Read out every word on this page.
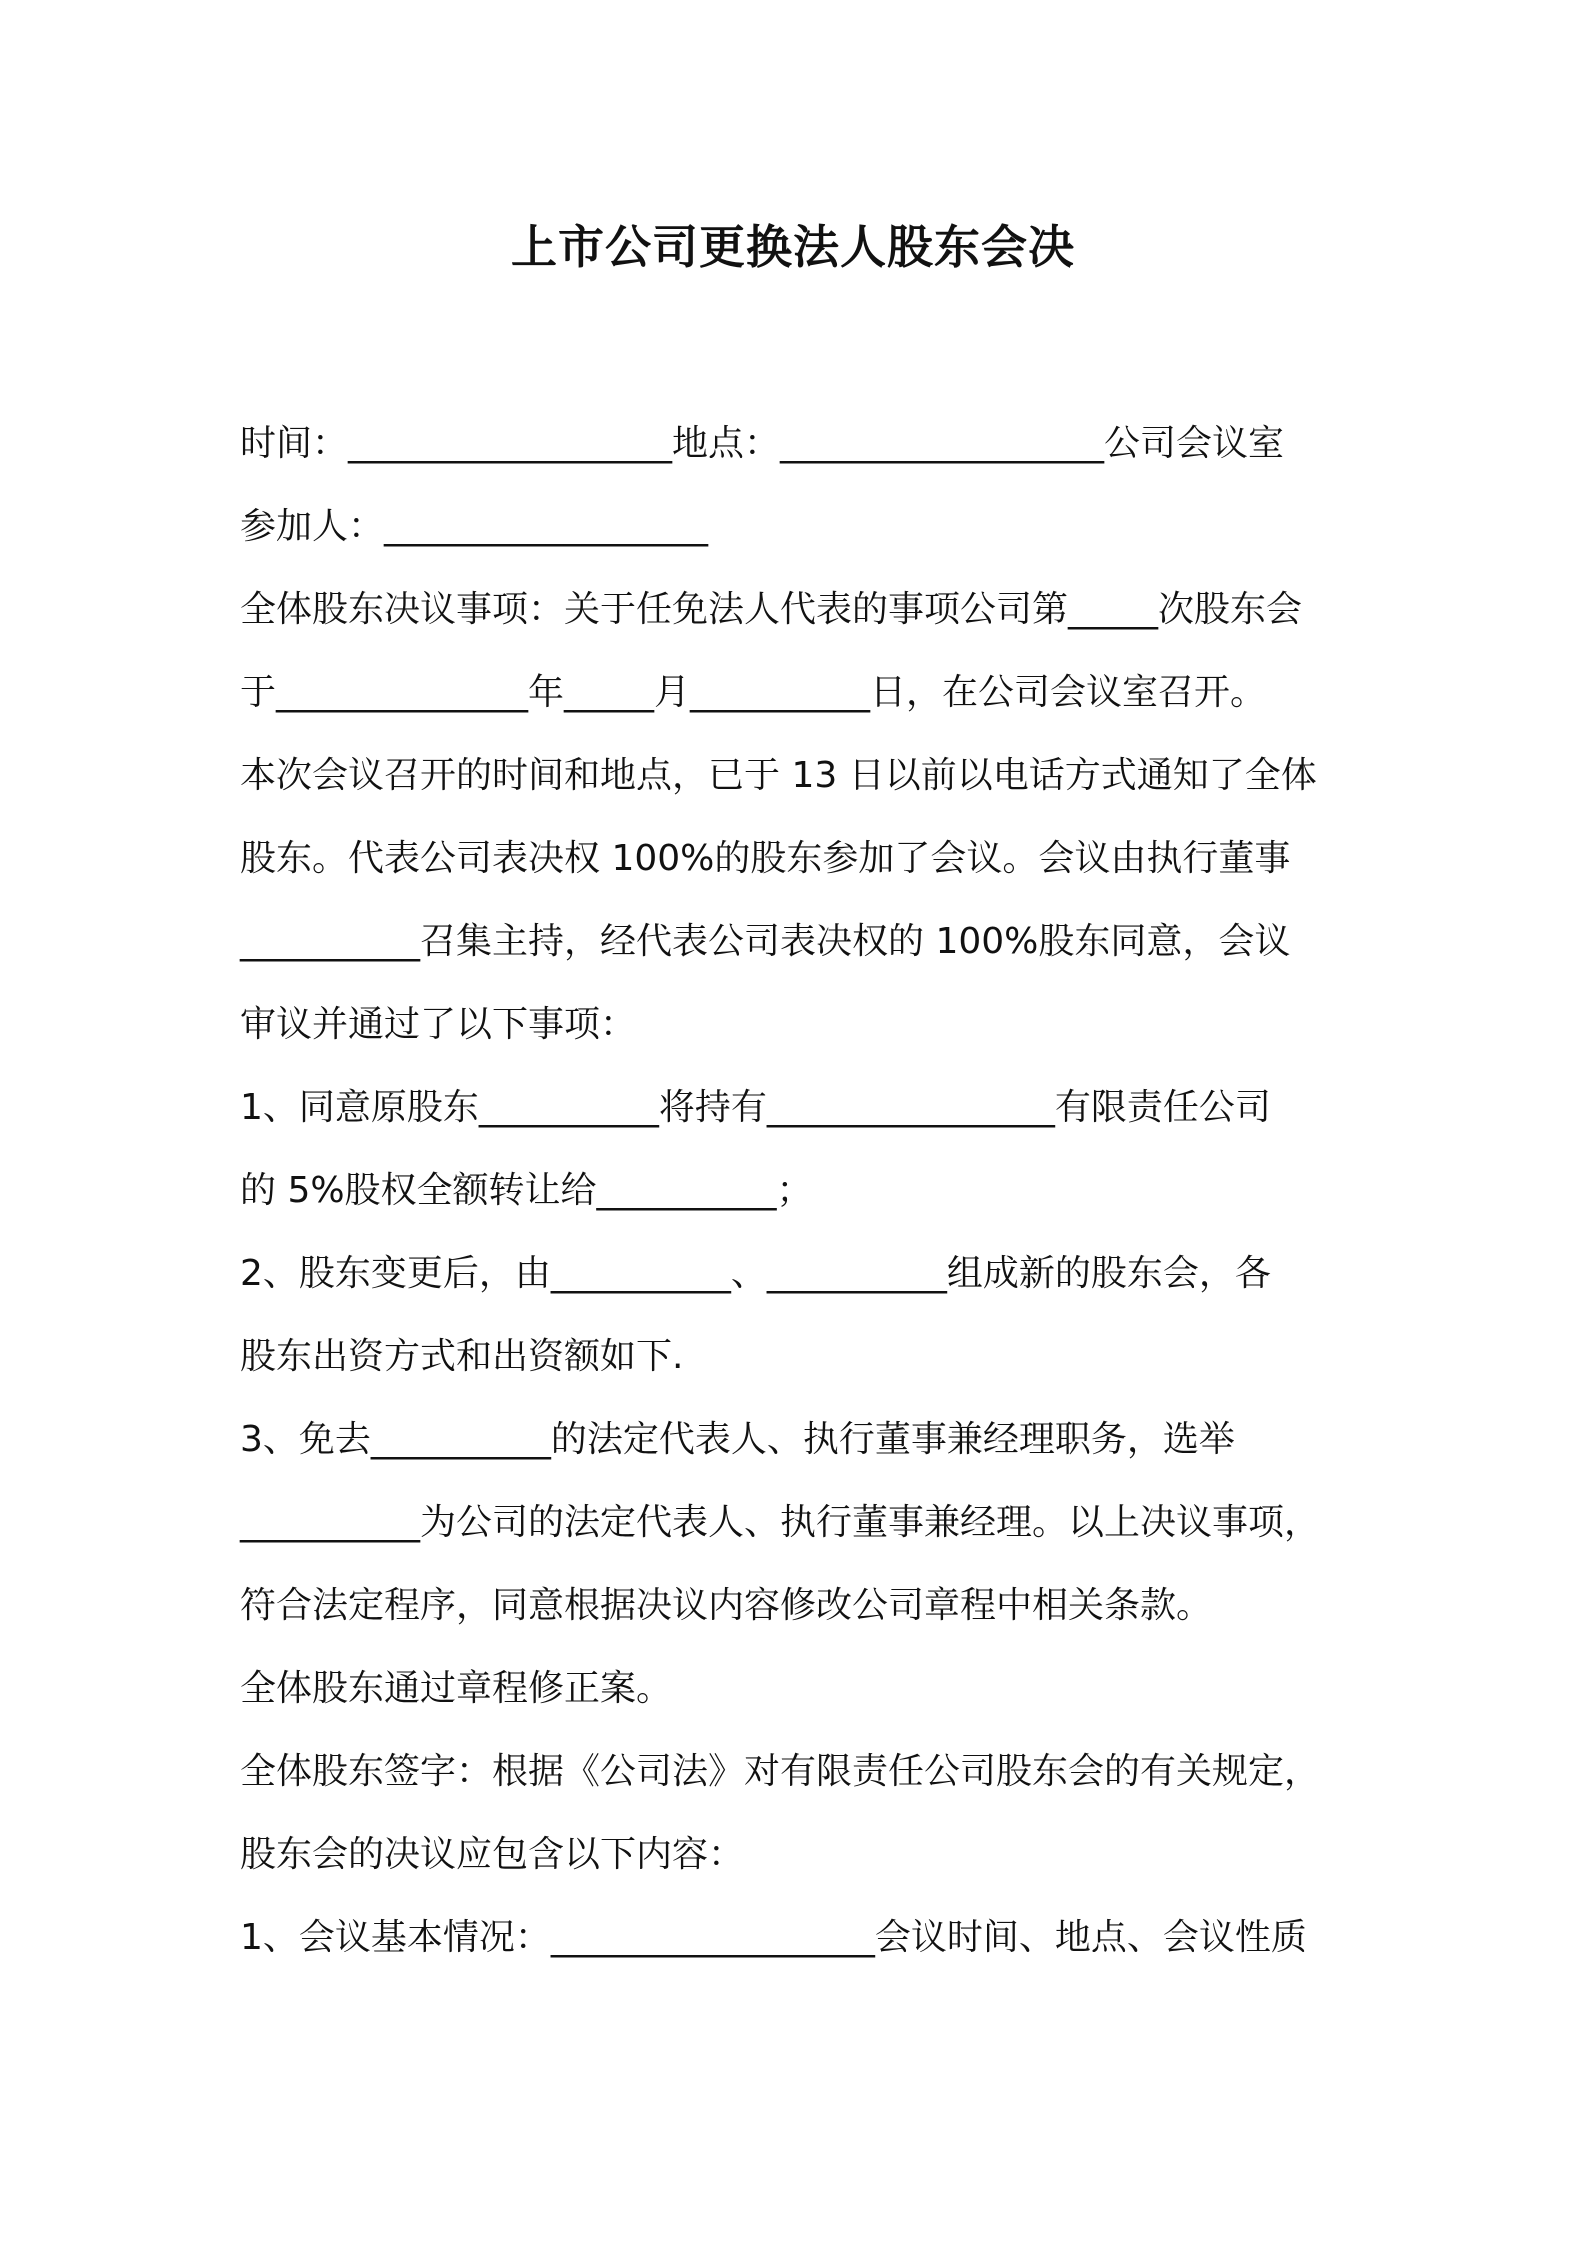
上市公司更换法人股东会决
时间：__________________地点：__________________公司会议室
参加人：__________________
全体股东决议事项：关于任免法人代表的事项公司第_____次股东会
于______________年_____月__________日，在公司会议室召开。
本次会议召开的时间和地点，已于 13 日以前以电话方式通知了全体
股东。代表公司表决权 100%的股东参加了会议。会议由执行董事
__________召集主持，经代表公司表决权的 100%股东同意，会议
审议并通过了以下事项：
1、同意原股东__________将持有________________有限责任公司
的 5%股权全额转让给__________；
2、股东变更后，由__________、__________组成新的股东会，各
股东出资方式和出资额如下.
3、免去__________的法定代表人、执行董事兼经理职务，选举
__________为公司的法定代表人、执行董事兼经理。以上决议事项，
符合法定程序，同意根据决议内容修改公司章程中相关条款。
全体股东通过章程修正案。
全体股东签字：根据《公司法》对有限责任公司股东会的有关规定，
股东会的决议应包含以下内容：
1、会议基本情况：__________________会议时间、地点、会议性质
